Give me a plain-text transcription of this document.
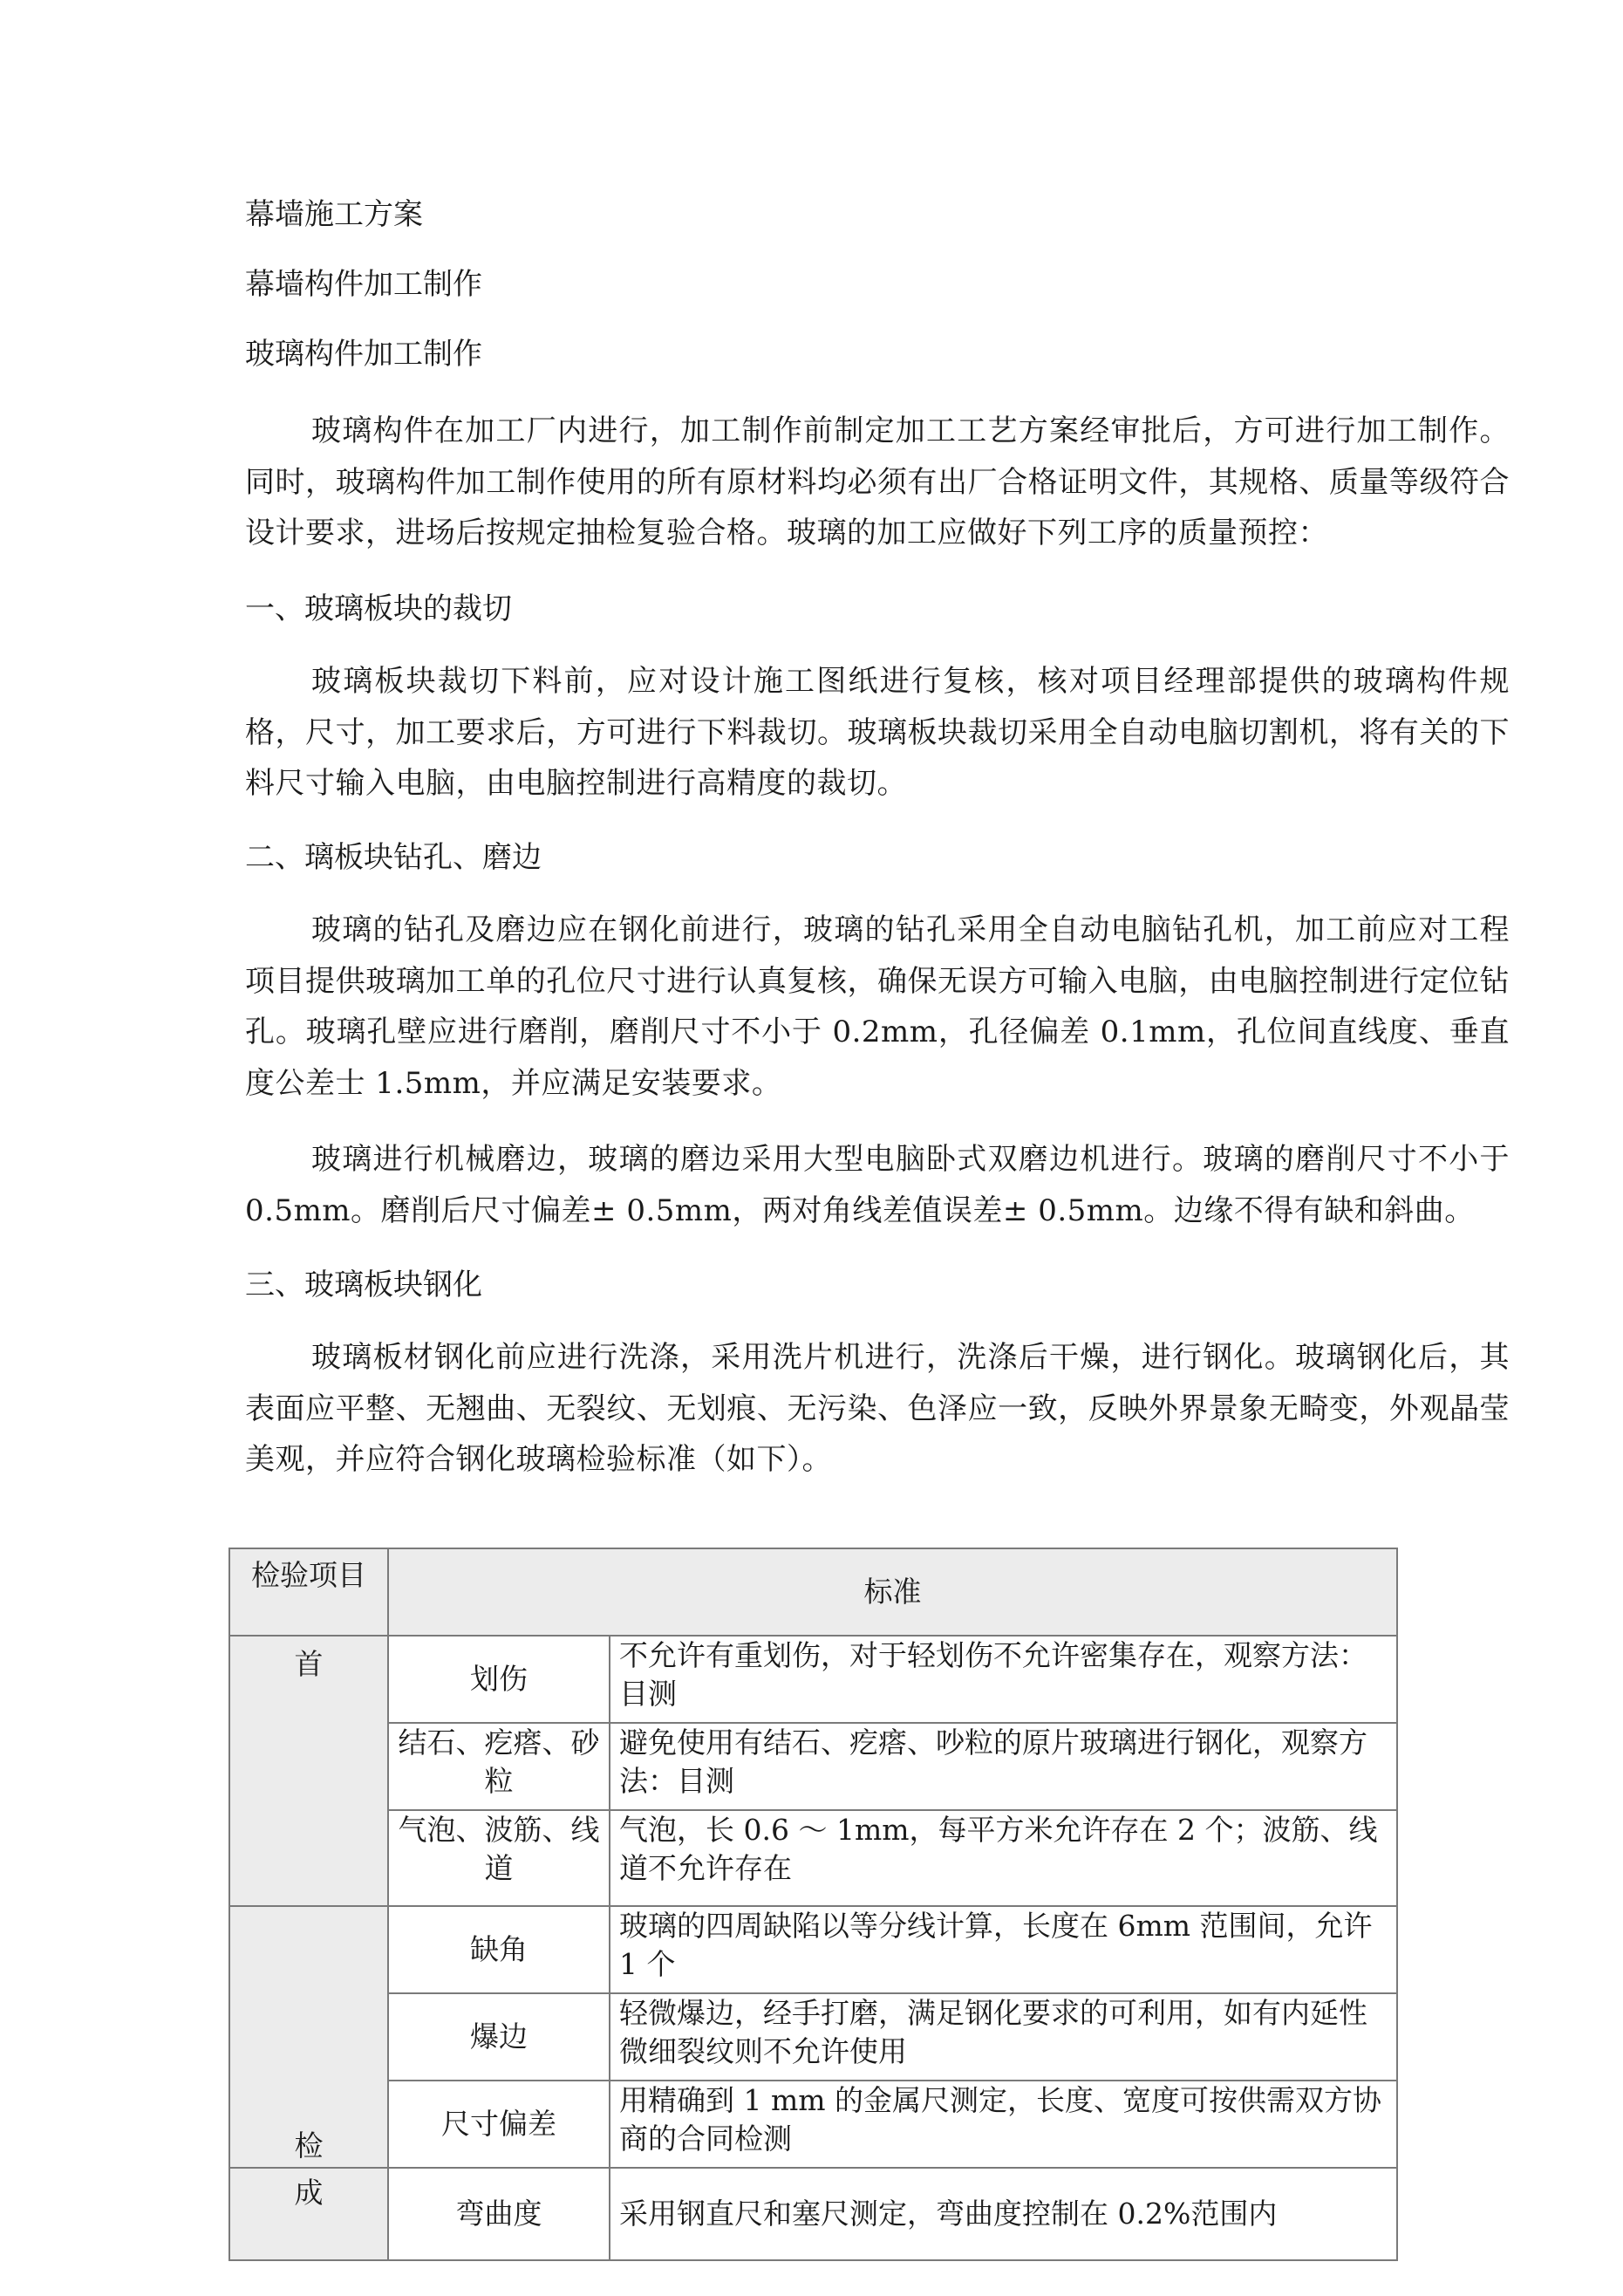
幕墙施工方案
幕墙构件加工制作
玻璃构件加工制作
玻璃构件在加工厂内进行，加工制作前制定加工工艺方案经审批后，方可进行加工制作。同时，玻璃构件加工制作使用的所有原材料均必须有出厂合格证明文件，其规格、质量等级符合设计要求，进场后按规定抽检复验合格。玻璃的加工应做好下列工序的质量预控：
一、玻璃板块的裁切
玻璃板块裁切下料前，应对设计施工图纸进行复核，核对项目经理部提供的玻璃构件规格，尺寸，加工要求后，方可进行下料裁切。玻璃板块裁切采用全自动电脑切割机，将有关的下料尺寸输入电脑，由电脑控制进行高精度的裁切。
二、璃板块钻孔、磨边
玻璃的钻孔及磨边应在钢化前进行，玻璃的钻孔采用全自动电脑钻孔机，加工前应对工程项目提供玻璃加工单的孔位尺寸进行认真复核，确保无误方可输入电脑，由电脑控制进行定位钻孔。玻璃孔壁应进行磨削，磨削尺寸不小于 0.2mm，孔径偏差 0.1mm，孔位间直线度、垂直度公差士 1.5mm，并应满足安装要求。
玻璃进行机械磨边，玻璃的磨边采用大型电脑卧式双磨边机进行。玻璃的磨削尺寸不小于 0.5mm。磨削后尺寸偏差± 0.5mm，两对角线差值误差± 0.5mm。边缘不得有缺和斜曲。
三、玻璃板块钢化
玻璃板材钢化前应进行洗涤，采用洗片机进行，洗涤后干燥，进行钢化。玻璃钢化后，其表面应平整、无翘曲、无裂纹、无划痕、无污染、色泽应一致，反映外界景象无畸变，外观晶莹美观，并应符合钢化玻璃检验标准（如下）。
检验项目	标准	
首	划伤	不允许有重划伤，对于轻划伤不允许密集存在，观察方法：目测
	结石、疙瘩、砂粒	避免使用有结石、疙瘩、吵粒的原片玻璃进行钢化，观察方法：目测
	气泡、波筋、线道	气泡，长 0.6 ～ 1mm，每平方米允许存在 2 个；波筋、线道不允许存在
检	缺角	玻璃的四周缺陷以等分线计算，长度在 6mm 范围间，允许 1 个
	爆边	轻微爆边，经手打磨，满足钢化要求的可利用，如有内延性微细裂纹则不允许使用
	尺寸偏差	用精确到 1 mm 的金属尺测定，长度、宽度可按供需双方协商的合同检测
成	弯曲度	采用钢直尺和塞尺测定，弯曲度控制在 0.2%范围内
